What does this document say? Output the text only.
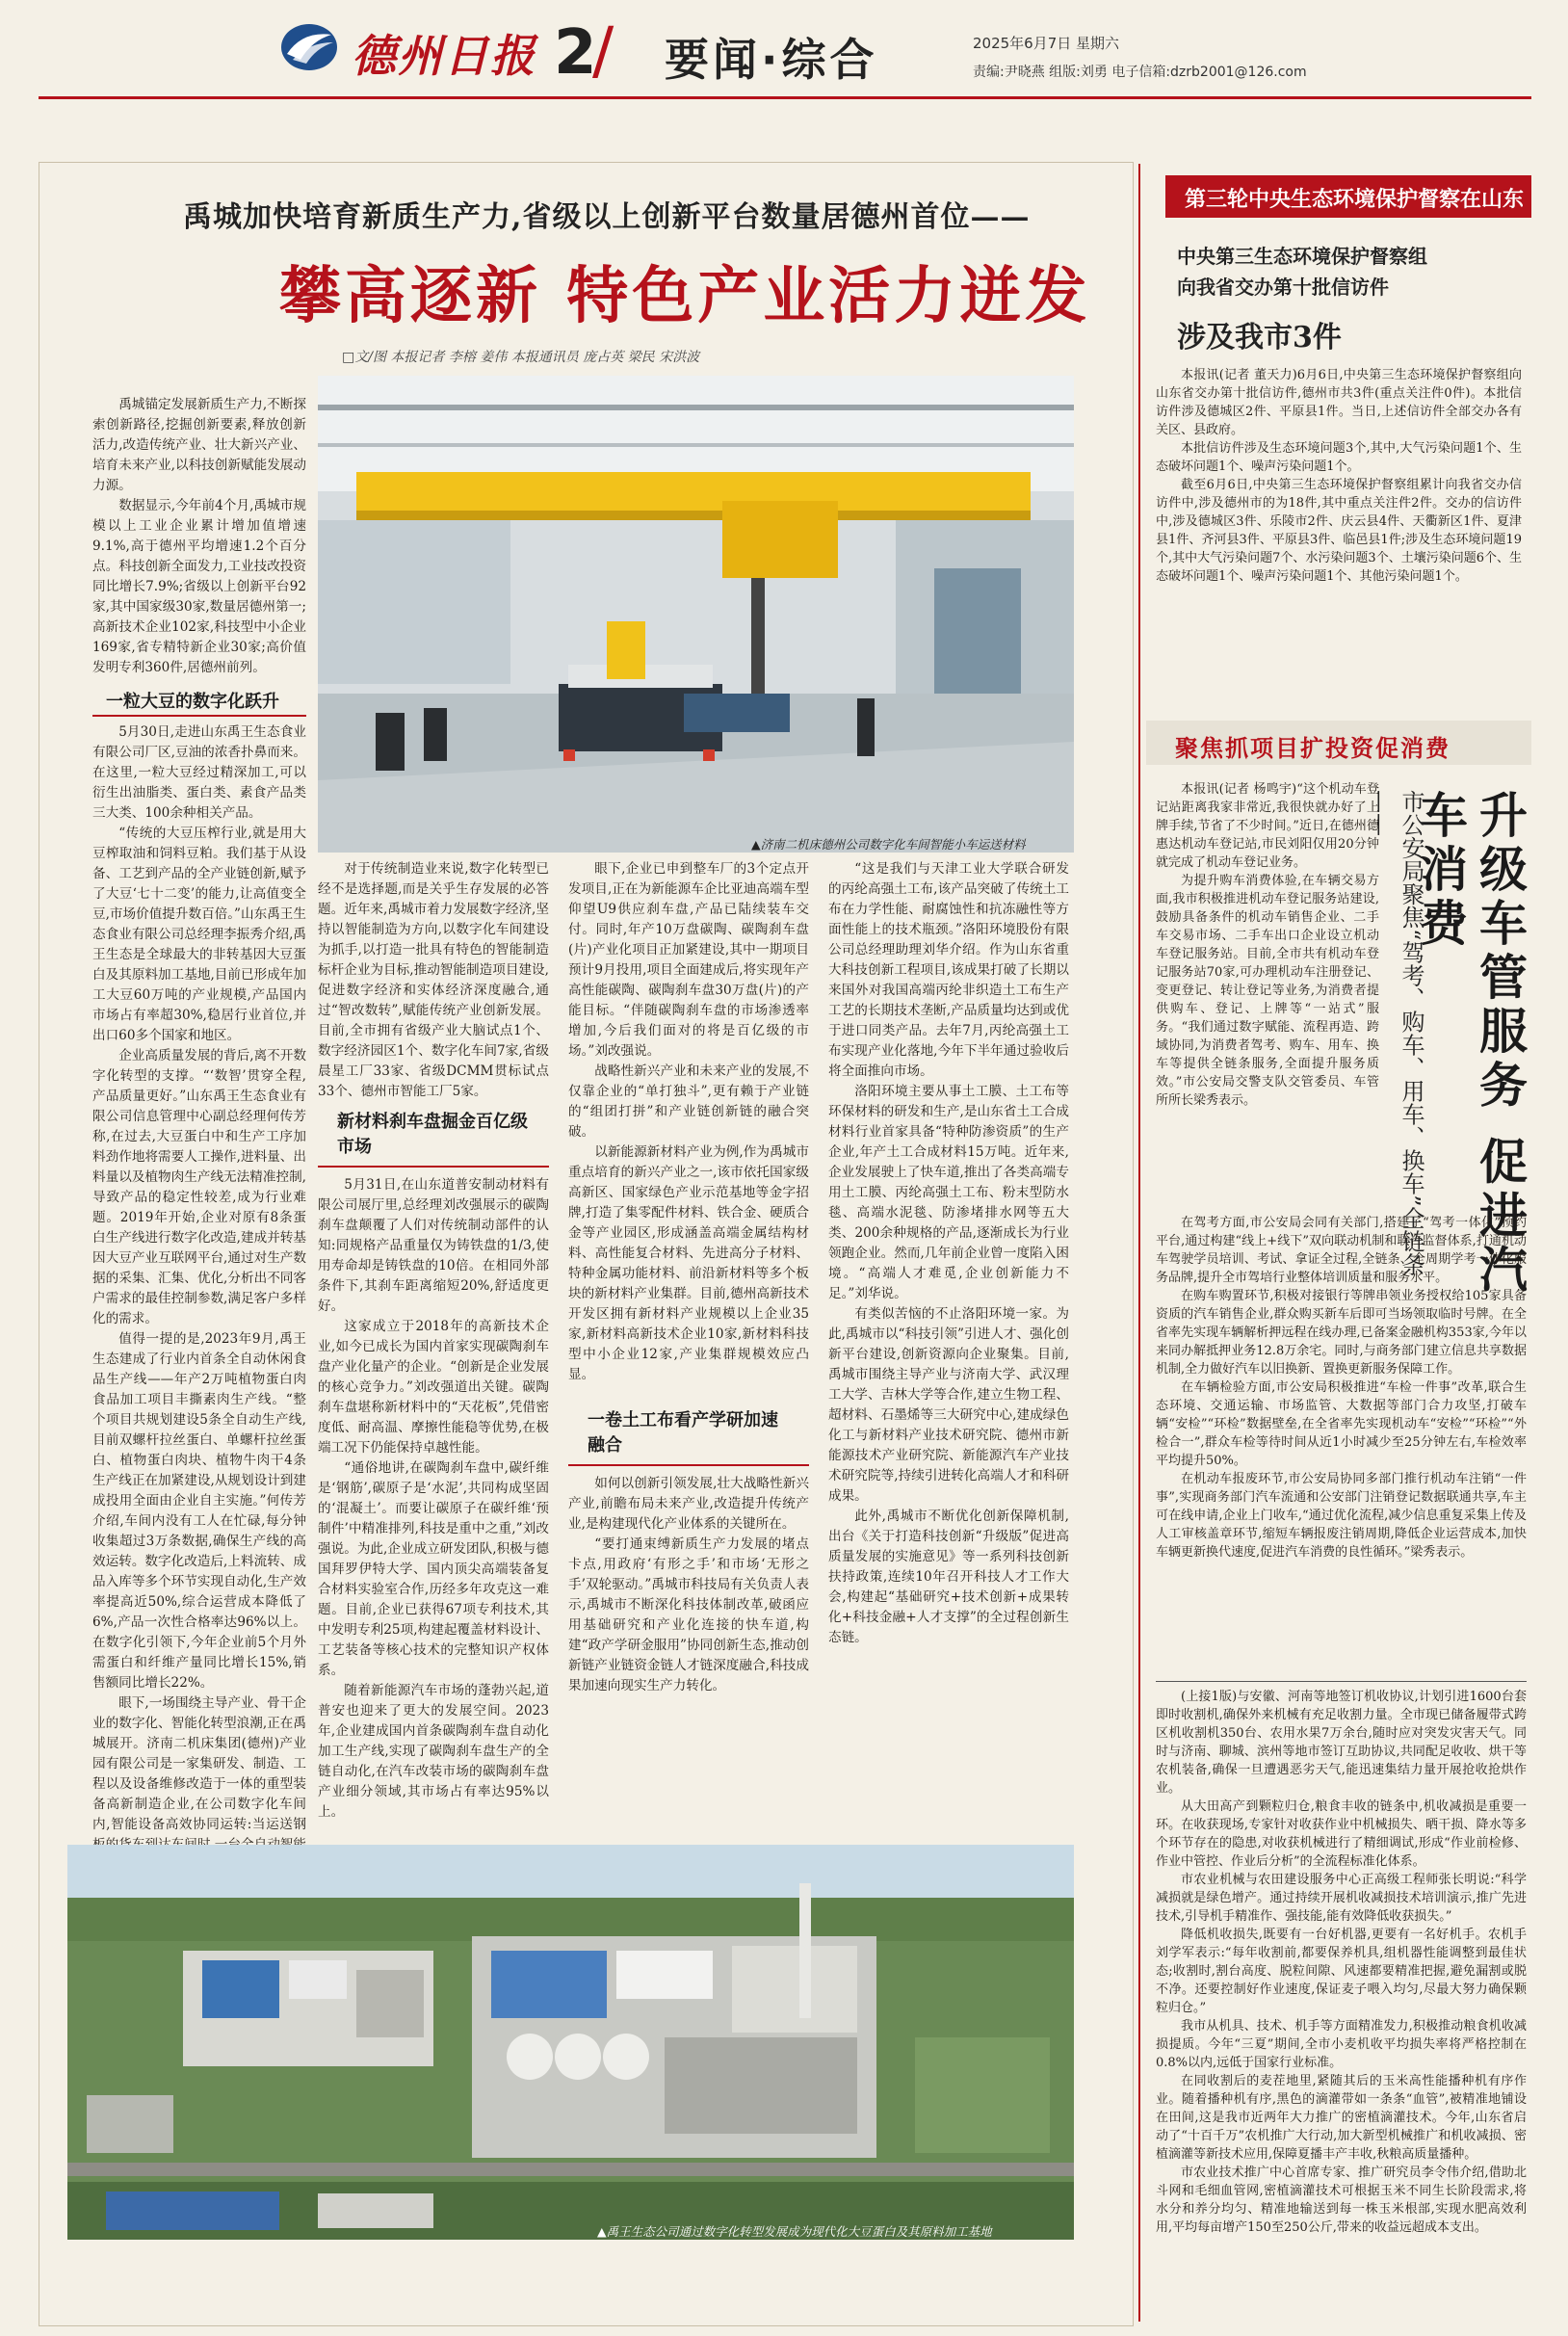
德州日报 2
/ 要闻·综合	2025年6月7日 星期六
责编:尹晓燕 组版:刘勇 电子信箱:dzrb2001@126.com
禹城加快培育新质生产力,省级以上创新平台数量居德州首位——
攀高逐新 特色产业活力迸发
□文/图 本报记者 李榕 姜伟 本报通讯员 庞占英 梁民 宋洪波
▲济南二机床德州公司数字化车间智能小车运送材料

禹城锚定发展新质生产力,不断探索创新路径,挖掘创新要素,释放创新活力,改造传统产业、壮大新兴产业、培育未来产业,以科技创新赋能发展动力源。

数据显示,今年前4个月,禹城市规模以上工业企业累计增加值增速9.1%,高于德州平均增速1.2个百分点。科技创新全面发力,工业技改投资同比增长7.9%;省级以上创新平台92家,其中国家级30家,数量居德州第一;高新技术企业102家,科技型中小企业169家,省专精特新企业30家;高价值发明专利360件,居德州前列。

一粒大豆的数字化跃升

5月30日,走进山东禹王生态食业有限公司厂区,豆油的浓香扑鼻而来。在这里,一粒大豆经过精深加工,可以衍生出油脂类、蛋白类、素食产品类三大类、100余种相关产品。

“传统的大豆压榨行业,就是用大豆榨取油和饲料豆粕。我们基于从设备、工艺到产品的全产业链创新,赋予了大豆‘七十二变’的能力,让高值变全豆,市场价值提升数百倍。”山东禹王生态食业有限公司总经理李振秀介绍,禹王生态是全球最大的非转基因大豆蛋白及其原料加工基地,目前已形成年加工大豆60万吨的产业规模,产品国内市场占有率超30%,稳居行业首位,并出口60多个国家和地区。

企业高质量发展的背后,离不开数字化转型的支撑。“‘数智’贯穿全程,产品质量更好。”山东禹王生态食业有限公司信息管理中心副总经理何传芳称,在过去,大豆蛋白中和生产工序加料劲作地将需要人工操作,进料量、出料量以及植物肉生产线无法精准控制,导致产品的稳定性较差,成为行业难题。2019年开始,企业对原有8条蛋白生产线进行数字化改造,建成并转基因大豆产业互联网平台,通过对生产数据的采集、汇集、优化,分析出不同客户需求的最佳控制参数,满足客户多样化的需求。

值得一提的是,2023年9月,禹王生态建成了行业内首条全自动休闲食品生产线——年产2万吨植物蛋白肉食品加工项目丰撕素肉生产线。“整个项目共规划建设5条全自动生产线,目前双螺杆拉丝蛋白、单螺杆拉丝蛋白、植物蛋白肉块、植物牛肉干4条生产线正在加紧建设,从规划设计到建成投用全面由企业自主实施。”何传芳介绍,车间内没有工人在忙碌,每分钟收集超过3万条数据,确保生产线的高效运转。数字化改造后,上料流转、成品入库等多个环节实现自动化,生产效率提高近50%,综合运营成本降低了6%,产品一次性合格率达96%以上。在数字化引领下,今年企业前5个月外需蛋白和纤维产量同比增长15%,销售额同比增长22%。

眼下,一场围绕主导产业、骨干企业的数字化、智能化转型浪潮,正在禹城展开。济南二机床集团(德州)产业园有限公司是一家集研发、制造、工程以及设备维修改造于一体的重型装备高新制造企业,在公司数字化车间内,智能设备高效协同运转:当运送钢

对于传统制造业来说,数字化转型已经不是选择题,而是关乎生存发展的必答题。近年来,禹城市着力发展数字经济,坚持以智能制造为方向,以数字化车间建设为抓手,以打造一批具有特色的智能制造标杆企业为目标,推动智能制造项目建设,促进数字经济和实体经济深度融合,通过“智改数转”,赋能传统产业创新发展。目前,全市拥有省级产业大脑试点1个、数字经济园区1个、数字化车间7家,省级晨星工厂33家、省级DCMM贯标试点33个、德州市智能工厂5家。

新材料刹车盘掘金百亿级市场

5月31日,在山东道普安制动材料有限公司展厅里,总经理刘改强展示的碳陶刹车盘颠覆了人们对传统制动部件的认知:同规格产品重量仅为铸铁盘的1/3,使用寿命却是铸铁盘的10倍。在相同外部条件下,其刹车距离缩短20%,舒适度更好。

这家成立于2018年的高新技术企业,如今已成长为国内首家实现碳陶刹车盘产业化量产的企业。“创新是企业发展的核心竞争力。”刘改强道出关键。碳陶刹车盘堪称新材料中的“天花板”,凭借密度低、耐高温、摩擦性能稳等优势,在极端工况下仍能保持卓越性能。

“通俗地讲,在碳陶刹车盘中,碳纤维是‘钢筋’,碳原子是‘水泥’,共同构成坚固的‘混凝土’。而要让碳原子在碳纤维‘预制件’中精准排列,科技是重中之重,”刘改强说。为此,企业成立研发团队,积极与德国拜罗伊特大学、国内顶尖高端装备复合材料实验室合作,历经多年攻克这一难题。目前,企业已获得67项专利技术,其中发明专利25项,构建起覆盖材料设计、工艺装备等核心技术的完整知识产权体系。

随着新能源汽车市场的蓬勃兴起,道普安也迎来了更大的发展空间。2023年,企业建成国内首条碳陶刹车盘自动化加工生产线,实现了碳陶刹车盘生产的全链自动化,在汽车改装市场的碳陶刹车盘产业细分领域,其市场占有率达95%以上。

眼下,企业已申到整车厂的3个定点开发项目,正在为新能源车企比亚迪高端车型仰望U9供应刹车盘,产品已陆续装车交付。同时,年产10万盘碳陶、碳陶刹车盘(片)产业化项目正加紧建设,其中一期项目预计9月投用,项目全面建成后,将实现年产高性能碳陶、碳陶刹车盘30万盘(片)的产能目标。“伴随碳陶刹车盘的市场渗透率增加,今后我们面对的将是百亿级的市场。”刘改强说。

战略性新兴产业和未来产业的发展,不仅靠企业的“单打独斗”,更有赖于产业链的“组团打拼”和产业链创新链的融合突破。

以新能源新材料产业为例,作为禹城市重点培育的新兴产业之一,该市依托国家级高新区、国家绿色产业示范基地等金字招牌,打造了集零配件材料、铁合金、硬质合金等产业园区,形成涵盖高端金属结构材料、高性能复合材料、先进高分子材料、特种金属功能材料、前沿新材料等多个板块的新材料产业集群。目前,德州高新技术开发区拥有新材料产业规模以上企业35家,新材料高新技术企业10家,新材料科技型中小企业12家,产业集群规模效应凸显。

一卷土工布看产学研加速融合

如何以创新引领发展,壮大战略性新兴产业,前瞻布局未来产业,改造提升传统产业,是构建现代化产业体系的关键所在。

“要打通束缚新质生产力发展的堵点卡点,用政府‘有形之手’和市场‘无形之手’双轮驱动。”禹城市科技局有关负责人表示,禹城市不断深化科技体制改革,破函应用基础研究和产业化连接的快车道,构建“政产学研金服用”协同创新生态,推动创新链产业链资金链人才链深度融合,科技成果加速向现实生产力转化。

“这是我们与天津工业大学联合研发的丙纶高强土工布,该产品突破了传统土工布在力学性能、耐腐蚀性和抗冻融性等方面性能上的技术瓶颈。”洛阳环境股份有限公司总经理助理刘华介绍。作为山东省重大科技创新工程项目,该成果打破了长期以来国外对我国高端丙纶非织造土工布生产工艺的长期技术垄断,产品质量均达到或优于进口同类产品。去年7月,丙纶高强土工布实现产业化落地,今年下半年通过验收后将全面推向市场。

洛阳环境主要从事土工膜、土工布等环保材料的研发和生产,是山东省土工合成材料行业首家具备“特种防渗资质”的生产企业,年产土工合成材料15万吨。近年来,企业发展驶上了快车道,推出了各类高端专用土工膜、丙纶高强土工布、粉末型防水毯、高端水泥毯、防渗堵排水网等五大类、200余种规格的产品,逐渐成长为行业领跑企业。然而,几年前企业曾一度陷入困境。“高端人才难觅,企业创新能力不足。”刘华说。

有类似苦恼的不止洛阳环境一家。为此,禹城市以“科技引领”引进人才、强化创新平台建设,创新资源向企业聚集。目前,禹城市围绕主导产业与济南大学、武汉理工大学、吉林大学等合作,建立生物工程、超材料、石墨烯等三大研究中心,建成绿色化工与新材料产业技术研究院、德州市新能源技术产业研究院、新能源汽车产业技术研究院等,持续引进转化高端人才和科研成果。

此外,禹城市不断优化创新保障机制,出台《关于打造科技创新“升级版”促进高质量发展的实施意见》等一系列科技创新扶持政策,连续10年召开科技人才工作大会,构建起“基础研究+技术创新+成果转化+科技金融+人才支撑”的全过程创新生态链。

▲禹王生态公司通过数字化转型发展成为现代化大豆蛋白及其原料加工基地
第三轮中央生态环境保护督察在山东
中央第三生态环境保护督察组
向我省交办第十批信访件
涉及我市3件

本报讯(记者 董天力)6月6日,中央第三生态环境保护督察组向山东省交办第十批信访件,德州市共3件(重点关注件0件)。本批信访件涉及德城区2件、平原县1件。当日,上述信访件全部交办各有关区、县政府。

本批信访件涉及生态环境问题3个,其中,大气污染问题1个、生态破坏问题1个、噪声污染问题1个。

截至6月6日,中央第三生态环境保护督察组累计向我省交办信访件中,涉及德州市的为18件,其中重点关注件2件。交办的信访件中,涉及德城区3件、乐陵市2件、庆云县4件、天衢新区1件、夏津县1件、齐河县3件、平原县3件、临邑县1件;涉及生态环境问题19个,其中大气污染问题7个、水污染问题3个、土壤污染问题6个、生态破坏问题1个、噪声污染问题1个、其他污染问题1个。

聚焦抓项目扩投资促消费
升级车管服务 促进汽车消费
市公安局聚焦“驾考、购车、用车、换车”全链条——

本报讯(记者 杨鸣宇)“这个机动车登记站距离我家非常近,我很快就办好了上牌手续,节省了不少时间。”近日,在德州德惠达机动车登记站,市民刘阳仅用20分钟就完成了机动车登记业务。

为提升购车消费体验,在车辆交易方面,我市积极推进机动车登记服务站建设,鼓励具备条件的机动车销售企业、二手车交易市场、二手车出口企业设立机动车登记服务站。目前,全市共有机动车登记服务站70家,可办理机动车注册登记、变更登记、转让登记等业务,为消费者提供购车、登记、上牌等“一站式”服务。“我们通过数字赋能、流程再造、跨域协同,为消费者驾考、购车、用车、换车等提供全链条服务,全面提升服务质效。”市公安局交警支队交管委员、车管所所长梁秀表示。

在驾考方面,市公安局会同有关部门,搭建了“驾考一体化”预约平台,通过构建“线上+线下”双向联动机制和联合监督体系,打通机动车驾驶学员培训、考试、拿证全过程,全链条、全周期学考一体化服务品牌,提升全市驾培行业整体培训质量和服务水平。

在购车购置环节,积极对接银行等牌串领业务授权给105家具备资质的汽车销售企业,群众购买新车后即可当场领取临时号牌。在全省率先实现车辆解析押远程在线办理,已备案金融机构353家,今年以来同办解抵押业务12.8万余宅。同时,与商务部门建立信息共享数据机制,全力做好汽车以旧换新、置换更新服务保障工作。

在车辆检验方面,市公安局积极推进“车检一件事”改革,联合生态环境、交通运输、市场监管、大数据等部门合力攻坚,打破车辆“安检”“环检”数据壁垒,在全省率先实现机动车“安检”“环检”“外检合一”,群众车检等待时间从近1小时减少至25分钟左右,车检效率平均提升50%。

在机动车报废环节,市公安局协同多部门推行机动车注销“一件事”,实现商务部门汽车流通和公安部门注销登记数据联通共享,车主可在线申请,企业上门收车,“通过优化流程,减少信息重复采集上传及人工审核盖章环节,缩短车辆报废注销周期,降低企业运营成本,加快车辆更新换代速度,促进汽车消费的良性循环。”梁秀表示。

(上接1版)与安徽、河南等地签订机收协议,计划引进1600台套即时收割机,确保外来机械有充足收割力量。全市现已储备履带式跨区机收割机350台、农用水果7万余台,随时应对突发灾害天气。同时与济南、聊城、滨州等地市签订互助协议,共同配足收收、烘干等农机装备,确保一旦遭遇恶劣天气,能迅速集结力量开展抢收抢烘作业。

从大田高产到颗粒归仓,粮食丰收的链条中,机收减损是重要一环。在收获现场,专家针对收获作业中机械损失、晒干损、降水等多个环节存在的隐患,对收获机械进行了精细调试,形成“作业前检修、作业中管控、作业后分析”的全流程标准化体系。

市农业机械与农田建设服务中心正高级工程师张长明说:“科学减损就是绿色增产。通过持续开展机收减损技术培训演示,推广先进技术,引导机手精准作、强技能,能有效降低收获损失。”

降低机收损失,既要有一台好机器,更要有一名好机手。农机手刘学军表示:“每年收割前,都要保养机具,组机器性能调整到最佳状态;收割时,割台高度、脱粒间隙、风速都要精准把握,避免漏割或脱不净。还要控制好作业速度,保证麦子喂入均匀,尽最大努力确保颗粒归仓。”

我市从机具、技术、机手等方面精准发力,积极推动粮食机收减损提质。今年“三夏”期间,全市小麦机收平均损失率将严格控制在0.8%以内,远低于国家行业标准。

在同收割后的麦茬地里,紧随其后的玉米高性能播种机有序作业。随着播种机有序,黑色的滴灌带如一条条“血管”,被精准地铺设在田间,这是我市近两年大力推广的密植滴灌技术。今年,山东省启动了“十百千万”农机推广大行动,加大新型机械推广和机收减损、密植滴灌等新技术应用,保障夏播丰产丰收,秋粮高质量播种。

市农业技术推广中心首席专家、推广研究员李令伟介绍,借助北斗网和毛细血管网,密植滴灌技术可根据玉米不同生长阶段需求,将水分和养分均匀、精准地输送到每一株玉米根部,实现水肥高效利用,平均每亩增产150至250公斤,带来的收益远超成本支出。
